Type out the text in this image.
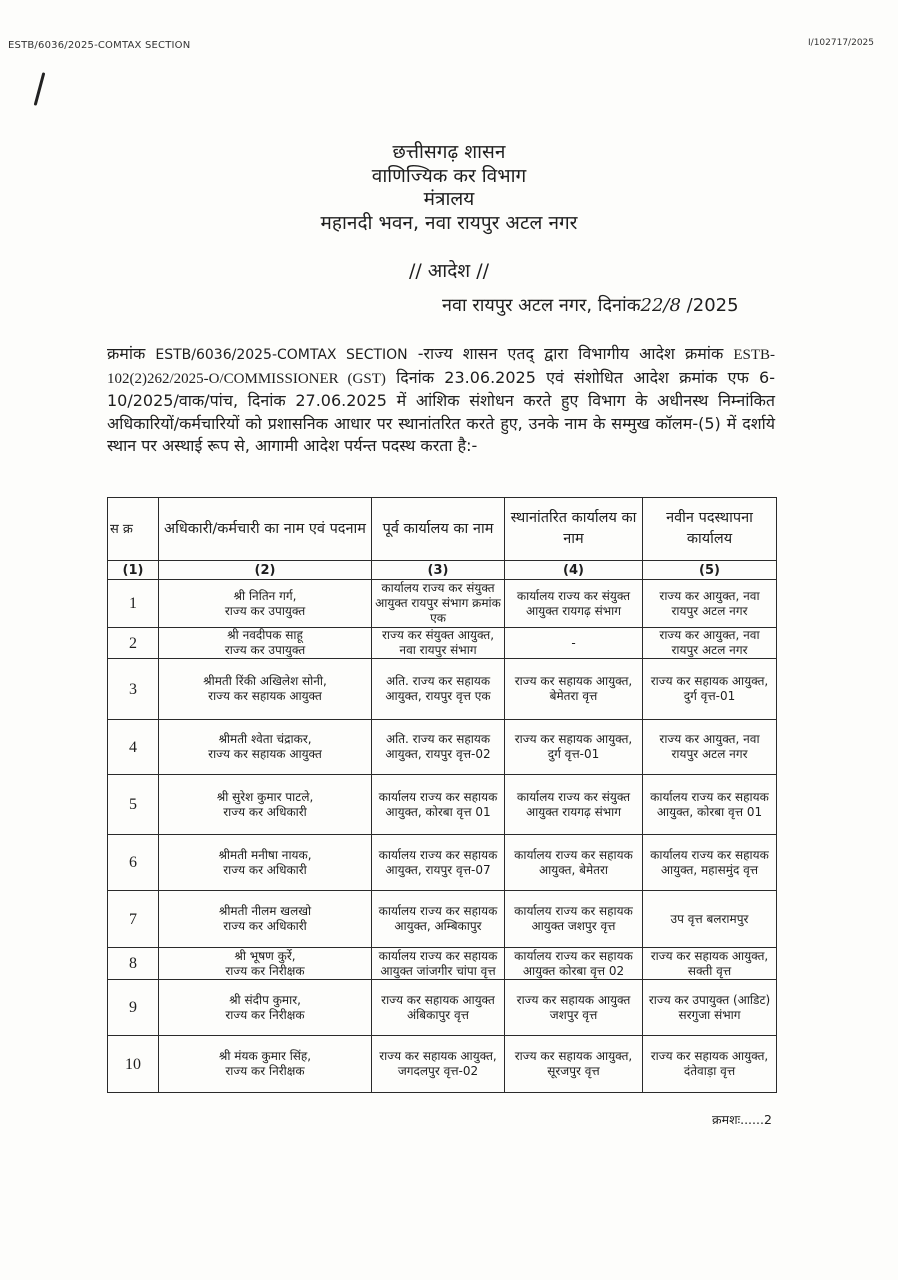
ESTB/6036/2025-COMTAX SECTION	I/102717/2025
छत्तीसगढ़ शासन
वाणिज्यिक कर विभाग
मंत्रालय
महानदी भवन, नवा रायपुर अटल नगर
// आदेश //
नवा रायपुर अटल नगर, दिनांक22/8 /2025
क्रमांक ESTB/6036/2025-COMTAX SECTION -राज्य शासन एतद् द्वारा विभागीय आदेश क्रमांक ESTB-102(2)262/2025-O/COMMISSIONER (GST) दिनांक 23.06.2025 एवं संशोधित आदेश क्रमांक एफ 6-10/2025/वाक/पांच, दिनांक 27.06.2025 में आंशिक संशोधन करते हुए विभाग के अधीनस्थ निम्नांकित अधिकारियों/कर्मचारियों को प्रशासनिक आधार पर स्थानांतरित करते हुए, उनके नाम के सम्मुख कॉलम-(5) में दर्शाये स्थान पर अस्थाई रूप से, आगामी आदेश पर्यन्त पदस्थ करता है:-
स क्र	अधिकारी/कर्मचारी का नाम एवं पदनाम	पूर्व कार्यालय का नाम	स्थानांतरित कार्यालय का नाम	नवीन पदस्थापना कार्यालय
(1)	(2)	(3)	(4)	(5)
1	श्री नितिन गर्ग,
राज्य कर उपायुक्त	कार्यालय राज्य कर संयुक्त आयुक्त रायपुर संभाग क्रमांक एक	कार्यालय राज्य कर संयुक्त आयुक्त रायगढ़ संभाग	राज्य कर आयुक्त, नवा रायपुर अटल नगर
2	श्री नवदीपक साहू
राज्य कर उपायुक्त	राज्य कर संयुक्त आयुक्त, नवा रायपुर संभाग	-	राज्य कर आयुक्त, नवा रायपुर अटल नगर
3	श्रीमती रिंकी अखिलेश सोनी,
राज्य कर सहायक आयुक्त	अति. राज्य कर सहायक आयुक्त, रायपुर वृत्त एक	राज्य कर सहायक आयुक्त, बेमेतरा वृत्त	राज्य कर सहायक आयुक्त, दुर्ग वृत्त-01
4	श्रीमती श्वेता चंद्राकर,
राज्य कर सहायक आयुक्त	अति. राज्य कर सहायक आयुक्त, रायपुर वृत्त-02	राज्य कर सहायक आयुक्त, दुर्ग वृत्त-01	राज्य कर आयुक्त, नवा रायपुर अटल नगर
5	श्री सुरेश कुमार पाटले,
राज्य कर अधिकारी	कार्यालय राज्य कर सहायक आयुक्त, कोरबा वृत्त 01	कार्यालय राज्य कर संयुक्त आयुक्त रायगढ़ संभाग	कार्यालय राज्य कर सहायक आयुक्त, कोरबा वृत्त 01
6	श्रीमती मनीषा नायक,
राज्य कर अधिकारी	कार्यालय राज्य कर सहायक आयुक्त, रायपुर वृत्त-07	कार्यालय राज्य कर सहायक आयुक्त, बेमेतरा	कार्यालय राज्य कर सहायक आयुक्त, महासमुंद वृत्त
7	श्रीमती नीलम खलखो
राज्य कर अधिकारी	कार्यालय राज्य कर सहायक आयुक्त, अम्बिकापुर	कार्यालय राज्य कर सहायक आयुक्त जशपुर वृत्त	उप वृत्त बलरामपुर
8	श्री भूषण कुर्रे,
राज्य कर निरीक्षक	कार्यालय राज्य कर सहायक आयुक्त जांजगीर चांपा वृत्त	कार्यालय राज्य कर सहायक आयुक्त कोरबा वृत्त 02	राज्य कर सहायक आयुक्त, सक्ती वृत्त
9	श्री संदीप कुमार,
राज्य कर निरीक्षक	राज्य कर सहायक आयुक्त अंबिकापुर वृत्त	राज्य कर सहायक आयुक्त जशपुर वृत्त	राज्य कर उपायुक्त (आडिट) सरगुजा संभाग
10	श्री मंयक कुमार सिंह,
राज्य कर निरीक्षक	राज्य कर सहायक आयुक्त, जगदलपुर वृत्त-02	राज्य कर सहायक आयुक्त, सूरजपुर वृत्त	राज्य कर सहायक आयुक्त, दंतेवाड़ा वृत्त
क्रमशः......2
